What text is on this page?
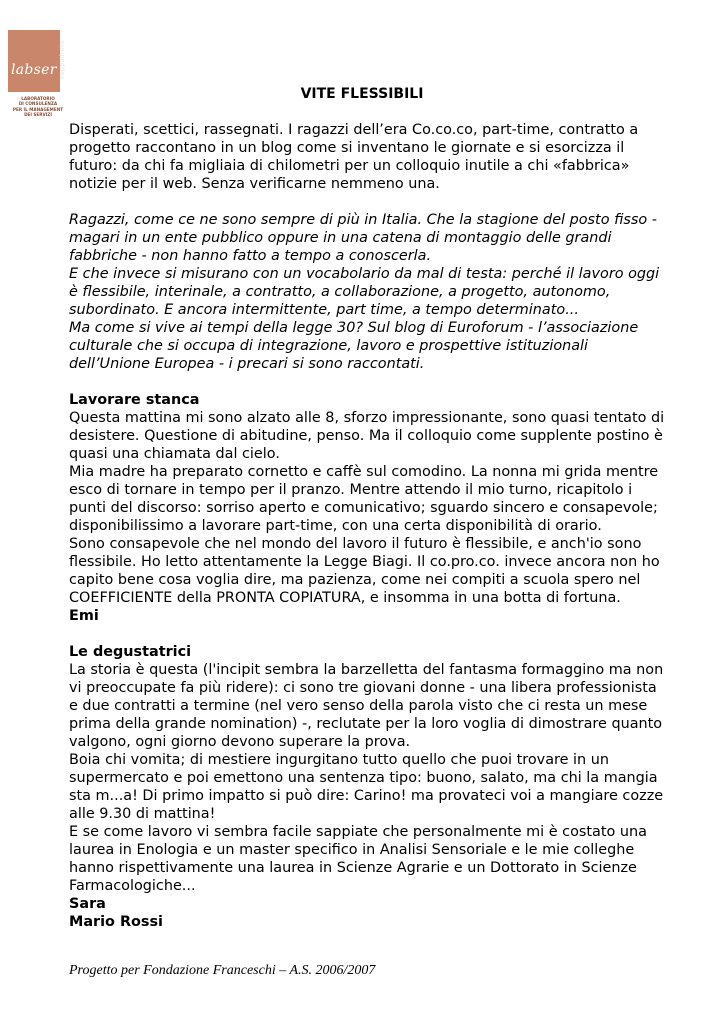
labser ceppadreto
LABORATORIO
DI CONSULENZA
PER IL MANAGEMENT
DEI SERVIZI
VITE FLESSIBILI

Disperati, scettici, rassegnati. I ragazzi dell’era Co.co.co, part-time, contratto a progetto raccontano in un blog come si inventano le giornate e si esorcizza il futuro: da chi fa migliaia di chilometri per un colloquio inutile a chi «fabbrica» notizie per il web. Senza verificarne nemmeno una.

Ragazzi, come ce ne sono sempre di più in Italia. Che la stagione del posto fisso - magari in un ente pubblico oppure in una catena di montaggio delle grandi fabbriche - non hanno fatto a tempo a conoscerla.

E che invece si misurano con un vocabolario da mal di testa: perché il lavoro oggi è flessibile, interinale, a contratto, a collaborazione, a progetto, autonomo, subordinato. E ancora intermittente, part time, a tempo determinato...

Ma come si vive ai tempi della legge 30? Sul blog di Euroforum - l’associazione culturale che si occupa di integrazione, lavoro e prospettive istituzionali dell’Unione Europea - i precari si sono raccontati.

Lavorare stanca

Questa mattina mi sono alzato alle 8, sforzo impressionante, sono quasi tentato di desistere. Questione di abitudine, penso. Ma il colloquio come supplente postino è quasi una chiamata dal cielo.

Mia madre ha preparato cornetto e caffè sul comodino. La nonna mi grida mentre esco di tornare in tempo per il pranzo. Mentre attendo il mio turno, ricapitolo i punti del discorso: sorriso aperto e comunicativo; sguardo sincero e consapevole; disponibilissimo a lavorare part-time, con una certa disponibilità di orario.

Sono consapevole che nel mondo del lavoro il futuro è flessibile, e anch'io sono flessibile. Ho letto attentamente la Legge Biagi. Il co.pro.co. invece ancora non ho capito bene cosa voglia dire, ma pazienza, come nei compiti a scuola spero nel COEFFICIENTE della PRONTA COPIATURA, e insomma in una botta di fortuna.

Emi

Le degustatrici

La storia è questa (l'incipit sembra la barzelletta del fantasma formaggino ma non vi preoccupate fa più ridere): ci sono tre giovani donne - una libera professionista e due contratti a termine (nel vero senso della parola visto che ci resta un mese prima della grande nomination) -, reclutate per la loro voglia di dimostrare quanto valgono, ogni giorno devono superare la prova.

Boia chi vomita; di mestiere ingurgitano tutto quello che puoi trovare in un supermercato e poi emettono una sentenza tipo: buono, salato, ma chi la mangia sta m...a! Di primo impatto si può dire: Carino! ma provateci voi a mangiare cozze alle 9.30 di mattina!

E se come lavoro vi sembra facile sappiate che personalmente mi è costato una laurea in Enologia e un master specifico in Analisi Sensoriale e le mie colleghe hanno rispettivamente una laurea in Scienze Agrarie e un Dottorato in Scienze Farmacologiche...

Sara

Mario Rossi

Progetto per Fondazione Franceschi – A.S. 2006/2007
